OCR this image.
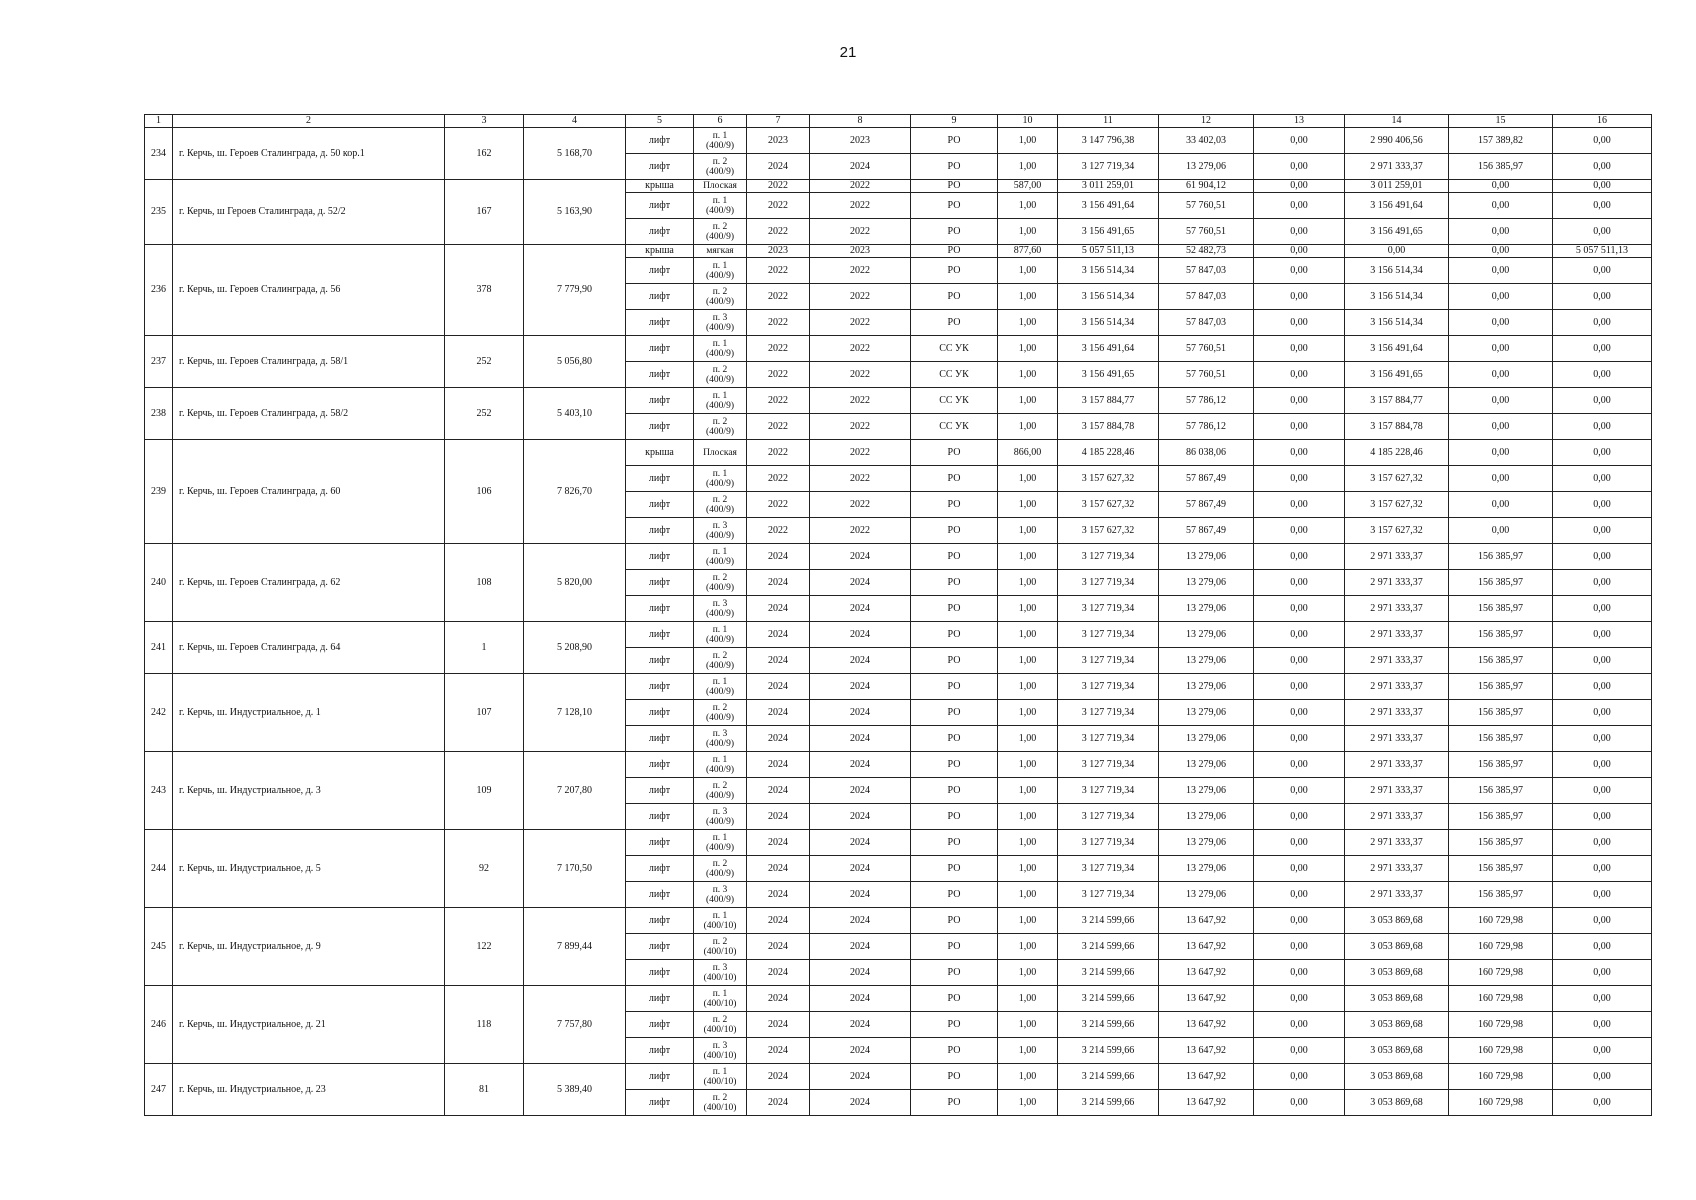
21
1	2	3	4	5	6	7	8	9	10	11	12	13	14	15	16
234	г. Керчь, ш. Героев Сталинграда, д. 50 кор.1	162	5 168,70	лифт	п. 1
(400/9)	2023	2023	РО	1,00	3 147 796,38	33 402,03	0,00	2 990 406,56	157 389,82	0,00
				лифт	п. 2
(400/9)	2024	2024	РО	1,00	3 127 719,34	13 279,06	0,00	2 971 333,37	156 385,97	0,00
235	г. Керчь, ш Героев Сталинграда, д. 52/2	167	5 163,90	крыша	Плоская	2022	2022	РО	587,00	3 011 259,01	61 904,12	0,00	3 011 259,01	0,00	0,00
				лифт	п. 1
(400/9)	2022	2022	РО	1,00	3 156 491,64	57 760,51	0,00	3 156 491,64	0,00	0,00
				лифт	п. 2
(400/9)	2022	2022	РО	1,00	3 156 491,65	57 760,51	0,00	3 156 491,65	0,00	0,00
236	г. Керчь, ш. Героев Сталинграда, д. 56	378	7 779,90	крыша	мягкая	2023	2023	РО	877,60	5 057 511,13	52 482,73	0,00	0,00	0,00	5 057 511,13
				лифт	п. 1
(400/9)	2022	2022	РО	1,00	3 156 514,34	57 847,03	0,00	3 156 514,34	0,00	0,00
				лифт	п. 2
(400/9)	2022	2022	РО	1,00	3 156 514,34	57 847,03	0,00	3 156 514,34	0,00	0,00
				лифт	п. 3
(400/9)	2022	2022	РО	1,00	3 156 514,34	57 847,03	0,00	3 156 514,34	0,00	0,00
237	г. Керчь, ш. Героев Сталинграда, д. 58/1	252	5 056,80	лифт	п. 1
(400/9)	2022	2022	СС УК	1,00	3 156 491,64	57 760,51	0,00	3 156 491,64	0,00	0,00
				лифт	п. 2
(400/9)	2022	2022	СС УК	1,00	3 156 491,65	57 760,51	0,00	3 156 491,65	0,00	0,00
238	г. Керчь, ш. Героев Сталинграда, д. 58/2	252	5 403,10	лифт	п. 1
(400/9)	2022	2022	СС УК	1,00	3 157 884,77	57 786,12	0,00	3 157 884,77	0,00	0,00
				лифт	п. 2
(400/9)	2022	2022	СС УК	1,00	3 157 884,78	57 786,12	0,00	3 157 884,78	0,00	0,00
239	г. Керчь, ш. Героев Сталинграда, д. 60	106	7 826,70	крыша	Плоская	2022	2022	РО	866,00	4 185 228,46	86 038,06	0,00	4 185 228,46	0,00	0,00
				лифт	п. 1
(400/9)	2022	2022	РО	1,00	3 157 627,32	57 867,49	0,00	3 157 627,32	0,00	0,00
				лифт	п. 2
(400/9)	2022	2022	РО	1,00	3 157 627,32	57 867,49	0,00	3 157 627,32	0,00	0,00
				лифт	п. 3
(400/9)	2022	2022	РО	1,00	3 157 627,32	57 867,49	0,00	3 157 627,32	0,00	0,00
240	г. Керчь, ш. Героев Сталинграда, д. 62	108	5 820,00	лифт	п. 1
(400/9)	2024	2024	РО	1,00	3 127 719,34	13 279,06	0,00	2 971 333,37	156 385,97	0,00
				лифт	п. 2
(400/9)	2024	2024	РО	1,00	3 127 719,34	13 279,06	0,00	2 971 333,37	156 385,97	0,00
				лифт	п. 3
(400/9)	2024	2024	РО	1,00	3 127 719,34	13 279,06	0,00	2 971 333,37	156 385,97	0,00
241	г. Керчь, ш. Героев Сталинграда, д. 64	1	5 208,90	лифт	п. 1
(400/9)	2024	2024	РО	1,00	3 127 719,34	13 279,06	0,00	2 971 333,37	156 385,97	0,00
				лифт	п. 2
(400/9)	2024	2024	РО	1,00	3 127 719,34	13 279,06	0,00	2 971 333,37	156 385,97	0,00
242	г. Керчь, ш. Индустриальное, д. 1	107	7 128,10	лифт	п. 1
(400/9)	2024	2024	РО	1,00	3 127 719,34	13 279,06	0,00	2 971 333,37	156 385,97	0,00
				лифт	п. 2
(400/9)	2024	2024	РО	1,00	3 127 719,34	13 279,06	0,00	2 971 333,37	156 385,97	0,00
				лифт	п. 3
(400/9)	2024	2024	РО	1,00	3 127 719,34	13 279,06	0,00	2 971 333,37	156 385,97	0,00
243	г. Керчь, ш. Индустриальное, д. 3	109	7 207,80	лифт	п. 1
(400/9)	2024	2024	РО	1,00	3 127 719,34	13 279,06	0,00	2 971 333,37	156 385,97	0,00
				лифт	п. 2
(400/9)	2024	2024	РО	1,00	3 127 719,34	13 279,06	0,00	2 971 333,37	156 385,97	0,00
				лифт	п. 3
(400/9)	2024	2024	РО	1,00	3 127 719,34	13 279,06	0,00	2 971 333,37	156 385,97	0,00
244	г. Керчь, ш. Индустриальное, д. 5	92	7 170,50	лифт	п. 1
(400/9)	2024	2024	РО	1,00	3 127 719,34	13 279,06	0,00	2 971 333,37	156 385,97	0,00
				лифт	п. 2
(400/9)	2024	2024	РО	1,00	3 127 719,34	13 279,06	0,00	2 971 333,37	156 385,97	0,00
				лифт	п. 3
(400/9)	2024	2024	РО	1,00	3 127 719,34	13 279,06	0,00	2 971 333,37	156 385,97	0,00
245	г. Керчь, ш. Индустриальное, д. 9	122	7 899,44	лифт	п. 1
(400/10)	2024	2024	РО	1,00	3 214 599,66	13 647,92	0,00	3 053 869,68	160 729,98	0,00
				лифт	п. 2
(400/10)	2024	2024	РО	1,00	3 214 599,66	13 647,92	0,00	3 053 869,68	160 729,98	0,00
				лифт	п. 3
(400/10)	2024	2024	РО	1,00	3 214 599,66	13 647,92	0,00	3 053 869,68	160 729,98	0,00
246	г. Керчь, ш. Индустриальное, д. 21	118	7 757,80	лифт	п. 1
(400/10)	2024	2024	РО	1,00	3 214 599,66	13 647,92	0,00	3 053 869,68	160 729,98	0,00
				лифт	п. 2
(400/10)	2024	2024	РО	1,00	3 214 599,66	13 647,92	0,00	3 053 869,68	160 729,98	0,00
				лифт	п. 3
(400/10)	2024	2024	РО	1,00	3 214 599,66	13 647,92	0,00	3 053 869,68	160 729,98	0,00
247	г. Керчь, ш. Индустриальное, д. 23	81	5 389,40	лифт	п. 1
(400/10)	2024	2024	РО	1,00	3 214 599,66	13 647,92	0,00	3 053 869,68	160 729,98	0,00
				лифт	п. 2
(400/10)	2024	2024	РО	1,00	3 214 599,66	13 647,92	0,00	3 053 869,68	160 729,98	0,00
